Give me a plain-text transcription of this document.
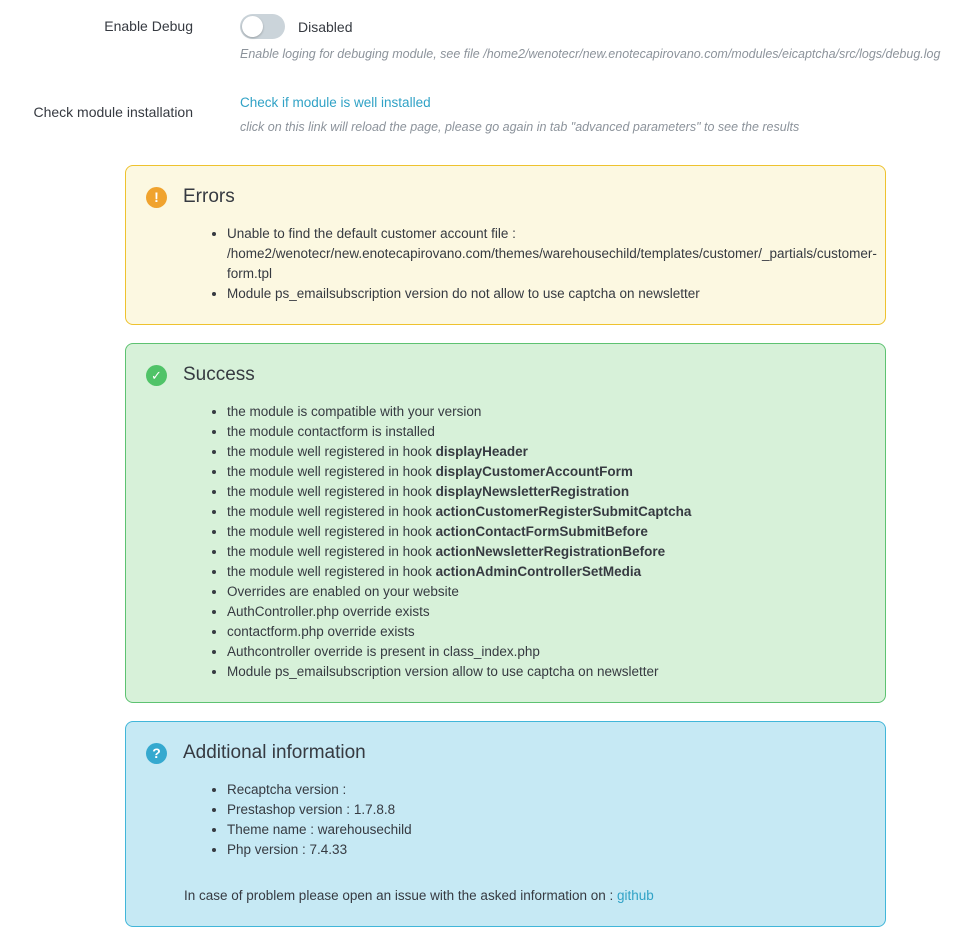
Enable Debug	Disabled
Enable loging for debuging module, see file /home2/wenotecr/new.enotecapirovano.com/modules/eicaptcha/src/logs/debug.log
Check module installation
Check if module is well installed
click on this link will reload the page, please go again in tab "advanced parameters" to see the results
!	Errors
• Unable to find the default customer account file : /home2/wenotecr/new.enotecapirovano.com/themes/warehousechild/templates/customer/_partials/customer-form.tpl
• Module ps_emailsubscription version do not allow to use captcha on newsletter
✓ Success
• the module is compatible with your version
• the module contactform is installed
• the module well registered in hook displayHeader
• the module well registered in hook displayCustomerAccountForm
• the module well registered in hook displayNewsletterRegistration
• the module well registered in hook actionCustomerRegisterSubmitCaptcha
• the module well registered in hook actionContactFormSubmitBefore
• the module well registered in hook actionNewsletterRegistrationBefore
• the module well registered in hook actionAdminControllerSetMedia
• Overrides are enabled on your website
• AuthController.php override exists
• contactform.php override exists
• Authcontroller override is present in class_index.php
• Module ps_emailsubscription version allow to use captcha on newsletter
?	Additional information
• Recaptcha version :
• Prestashop version : 1.7.8.8
• Theme name : warehousechild
• Php version : 7.4.33
In case of problem please open an issue with the asked information on : github
